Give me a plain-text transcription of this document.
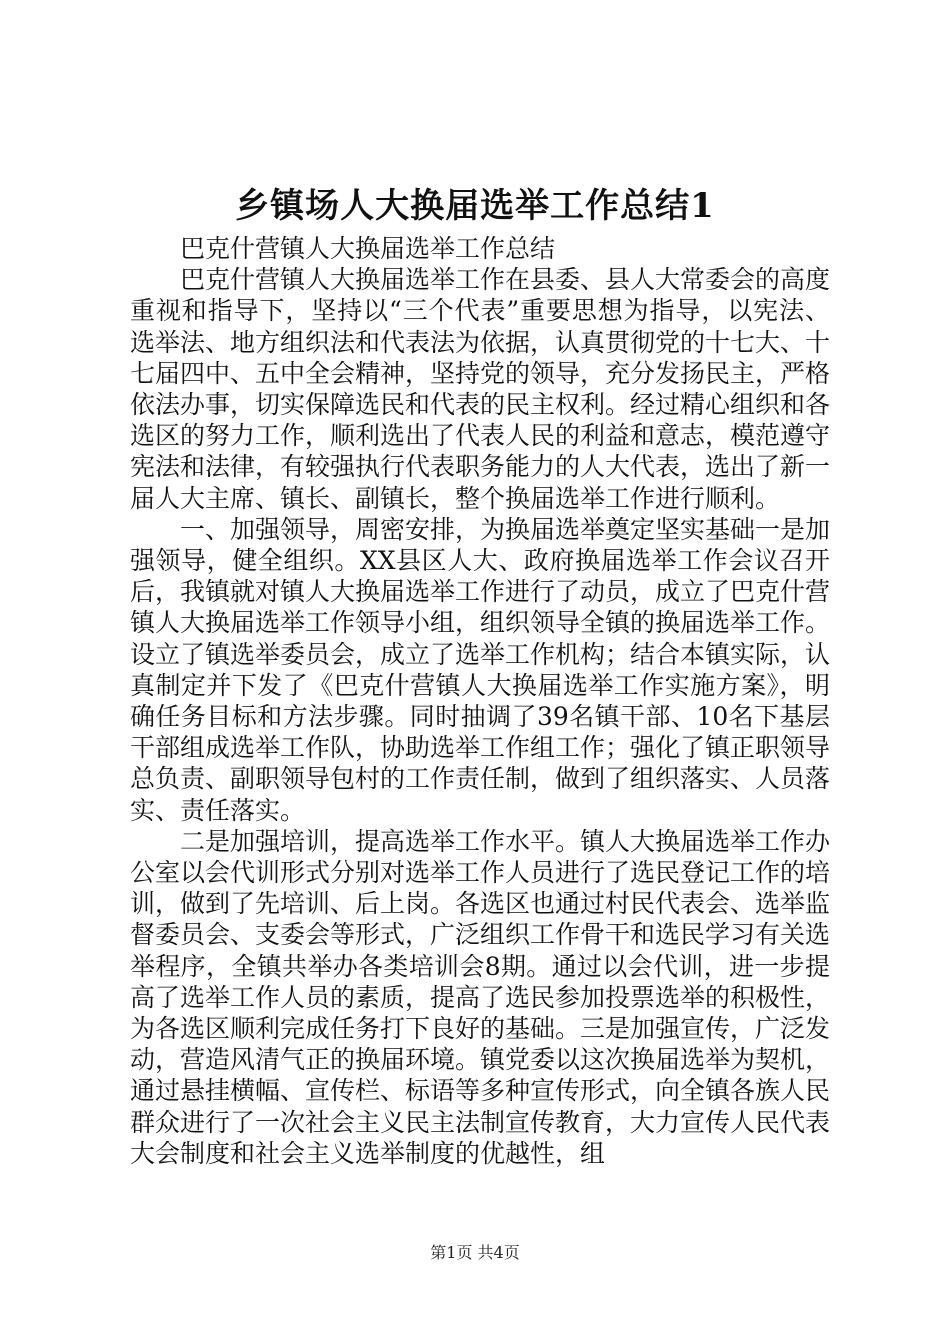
乡镇场人大换届选举工作总结1

巴克什营镇人大换届选举工作总结

巴克什营镇人大换届选举工作在县委、县人大常委会的高度重视和指导下，坚持以“三个代表”重要思想为指导，以宪法、选举法、地方组织法和代表法为依据，认真贯彻党的十七大、十七届四中、五中全会精神，坚持党的领导，充分发扬民主，严格依法办事，切实保障选民和代表的民主权利。经过精心组织和各选区的努力工作，顺利选出了代表人民的利益和意志，模范遵守宪法和法律，有较强执行代表职务能力的人大代表，选出了新一届人大主席、镇长、副镇长，整个换届选举工作进行顺利。

一、加强领导，周密安排，为换届选举奠定坚实基础一是加强领导，健全组织。XX县区人大、政府换届选举工作会议召开后，我镇就对镇人大换届选举工作进行了动员，成立了巴克什营镇人大换届选举工作领导小组，组织领导全镇的换届选举工作。设立了镇选举委员会，成立了选举工作机构；结合本镇实际，认真制定并下发了《巴克什营镇人大换届选举工作实施方案》，明确任务目标和方法步骤。同时抽调了39名镇干部、10名下基层干部组成选举工作队，协助选举工作组工作；强化了镇正职领导总负责、副职领导包村的工作责任制，做到了组织落实、人员落实、责任落实。

二是加强培训，提高选举工作水平。镇人大换届选举工作办公室以会代训形式分别对选举工作人员进行了选民登记工作的培训，做到了先培训、后上岗。各选区也通过村民代表会、选举监督委员会、支委会等形式，广泛组织工作骨干和选民学习有关选举程序，全镇共举办各类培训会8期。通过以会代训，进一步提高了选举工作人员的素质，提高了选民参加投票选举的积极性，为各选区顺利完成任务打下良好的基础。三是加强宣传，广泛发动，营造风清气正的换届环境。镇党委以这次换届选举为契机，通过悬挂横幅、宣传栏、标语等多种宣传形式，向全镇各族人民群众进行了一次社会主义民主法制宣传教育，大力宣传人民代表大会制度和社会主义选举制度的优越性，组

第1页 共4页
